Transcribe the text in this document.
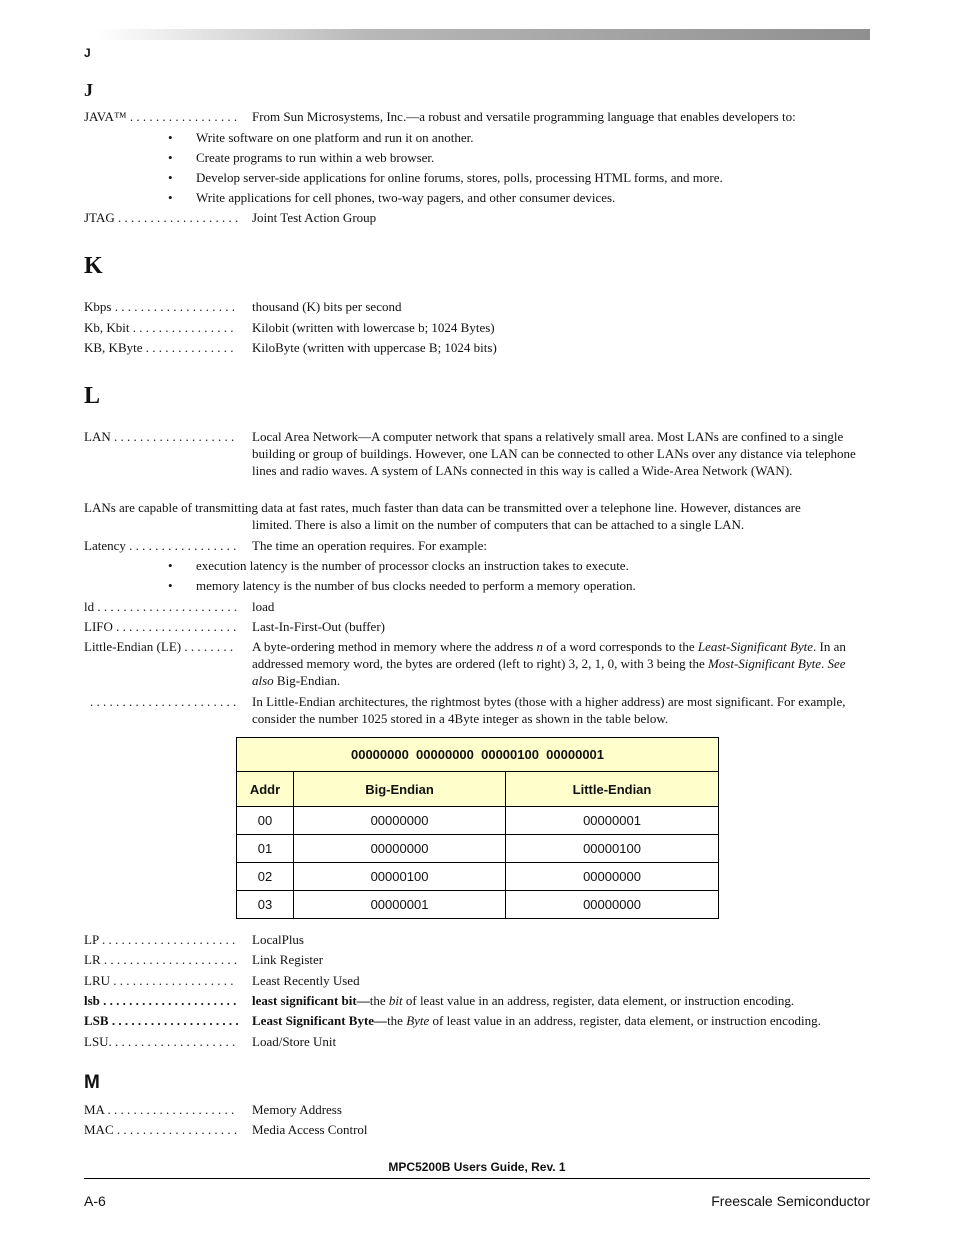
J
J
JAVA™ . . . . . . . . . . . . . . . . .	From Sun Microsystems, Inc.—a robust and versatile programming language that enables developers to:
• Write software on one platform and run it on another.
• Create programs to run within a web browser.
• Develop server-side applications for online forums, stores, polls, processing HTML forms, and more.
• Write applications for cell phones, two-way pagers, and other consumer devices.
JTAG . . . . . . . . . . . . . . . . . . .	Joint Test Action Group
K
Kbps . . . . . . . . . . . . . . . . . . .	thousand (K) bits per second
Kb, Kbit . . . . . . . . . . . . . . . .	Kilobit (written with lowercase b; 1024 Bytes)
KB, KByte . . . . . . . . . . . . . .	KiloByte (written with uppercase B; 1024 bits)
L
LAN . . . . . . . . . . . . . . . . . . .	Local Area Network—A computer network that spans a relatively small area. Most LANs are confined to a single building or group of buildings. However, one LAN can be connected to other LANs over any distance via telephone lines and radio waves. A system of LANs connected in this way is called a Wide-Area Network (WAN).
LANs are capable of transmitting data at fast rates, much faster than data can be transmitted over a telephone line. However, distances are
limited. There is also a limit on the number of computers that can be attached to a single LAN.
Latency . . . . . . . . . . . . . . . . .	The time an operation requires. For example:
• execution latency is the number of processor clocks an instruction takes to execute.
• memory latency is the number of bus clocks needed to perform a memory operation.
ld . . . . . . . . . . . . . . . . . . . . . .	load
LIFO . . . . . . . . . . . . . . . . . . .	Last-In-First-Out (buffer)
Little-Endian (LE) . . . . . . . .	A byte-ordering method in memory where the address n of a word corresponds to the Least-Significant Byte. In an addressed memory word, the bytes are ordered (left to right) 3, 2, 1, 0, with 3 being the Most-Significant Byte. See also Big-Endian.
. . . . . . . . . . . . . . . . . . . . . . .	In Little-Endian architectures, the rightmost bytes (those with a higher address) are most significant. For example, consider the number 1025 stored in a 4Byte integer as shown in the table below.
00000000  00000000  00000100  00000001		
Addr	Big-Endian	Little-Endian
00	00000000	00000001
01	00000000	00000100
02	00000100	00000000
03	00000001	00000000
LP . . . . . . . . . . . . . . . . . . . . .	LocalPlus
LR . . . . . . . . . . . . . . . . . . . . .	Link Register
LRU . . . . . . . . . . . . . . . . . . .	Least Recently Used
lsb . . . . . . . . . . . . . . . . . . . . .	least significant bit—the bit of least value in an address, register, data element, or instruction encoding.
LSB . . . . . . . . . . . . . . . . . . . .	Least Significant Byte—the Byte of least value in an address, register, data element, or instruction encoding.
LSU. . . . . . . . . . . . . . . . . . . .	Load/Store Unit
M
MA . . . . . . . . . . . . . . . . . . . .	Memory Address
MAC . . . . . . . . . . . . . . . . . . .	Media Access Control
MPC5200B Users Guide, Rev. 1
A-6	Freescale Semiconductor
